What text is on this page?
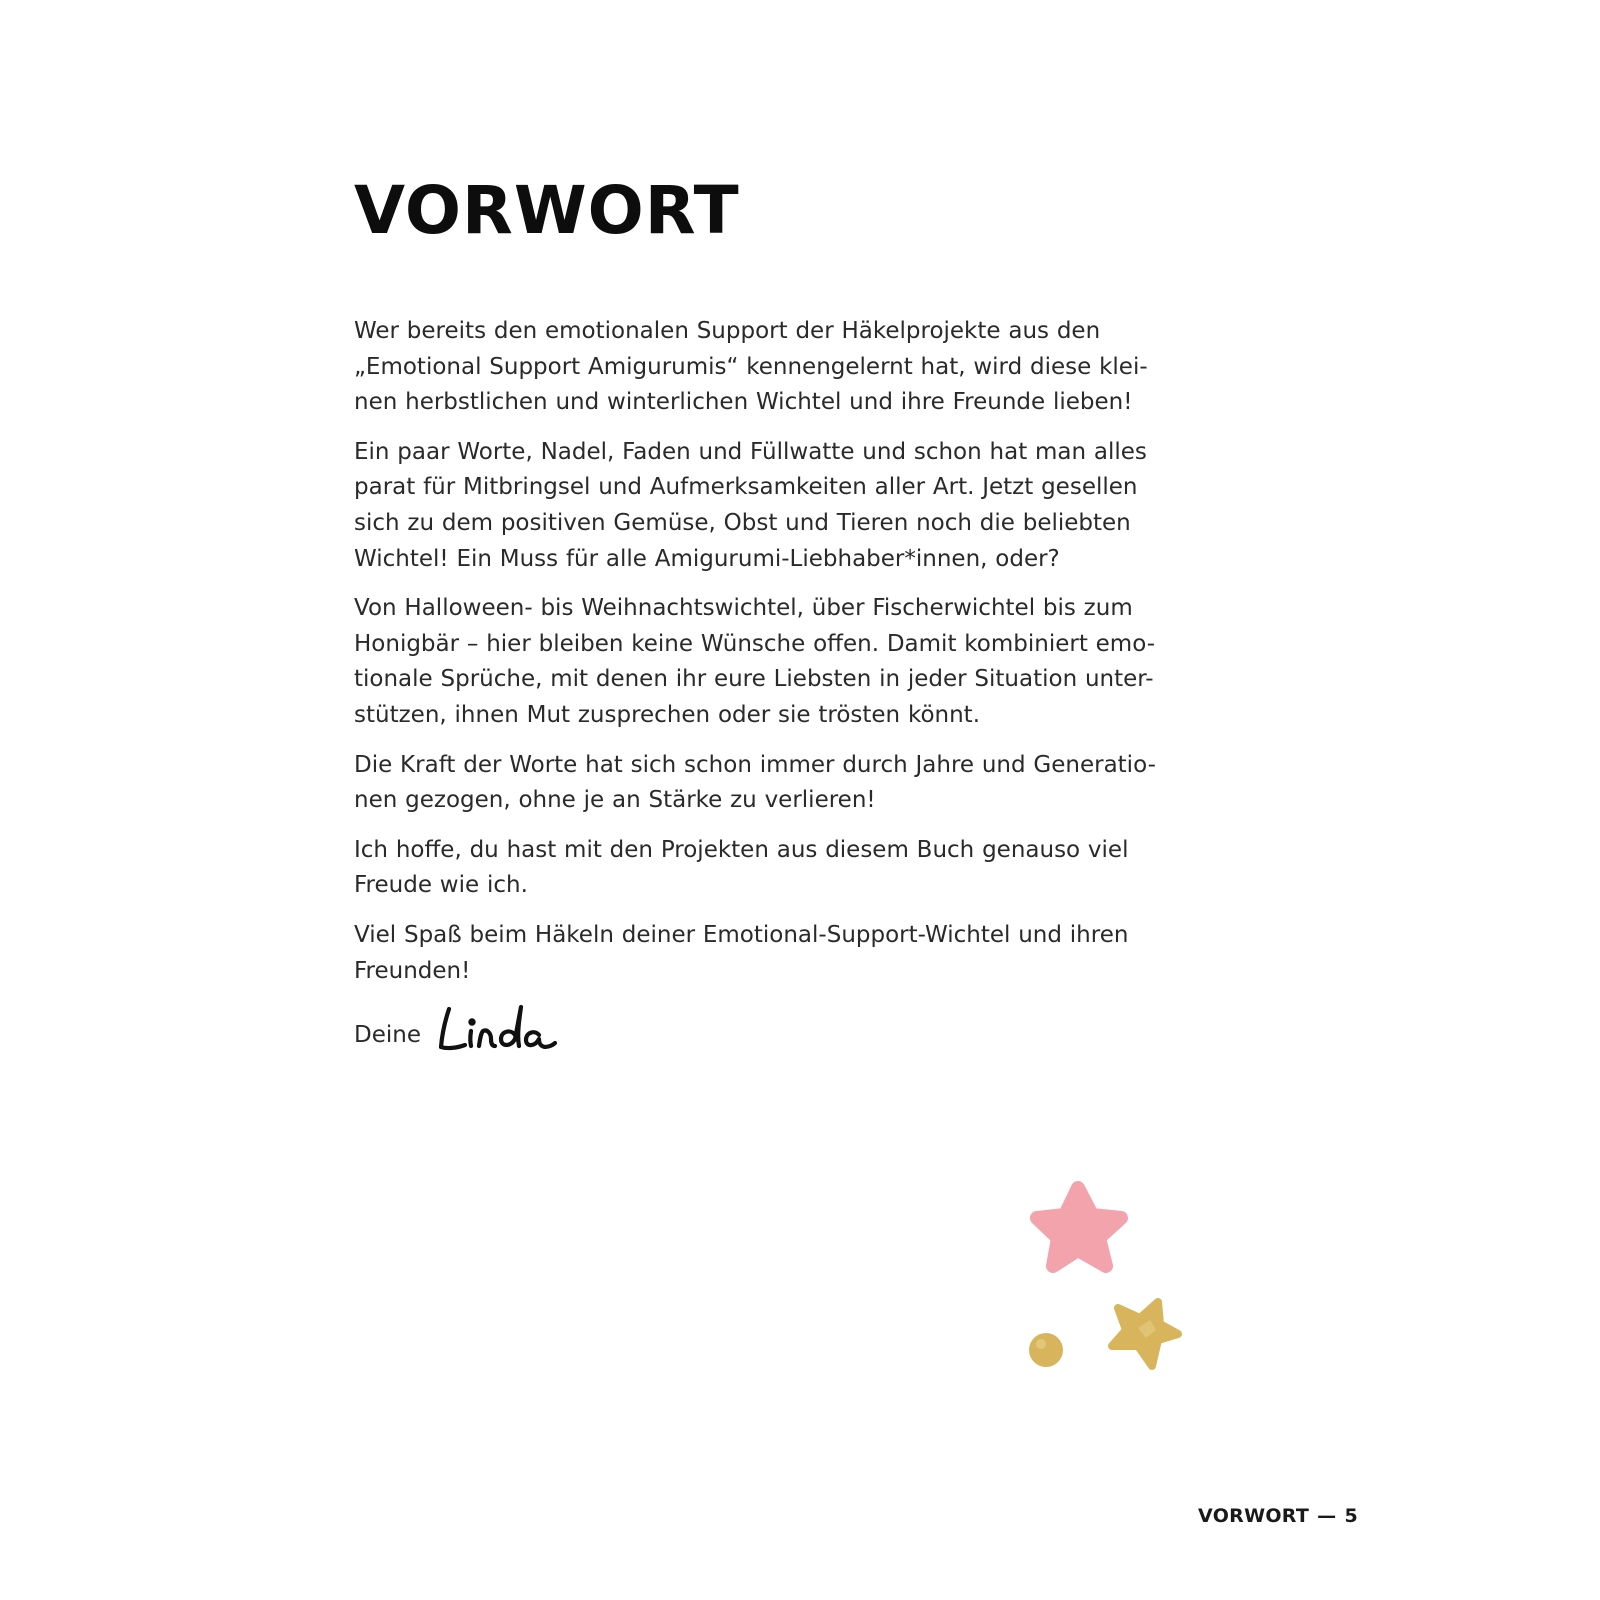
VORWORT

Wer bereits den emotionalen Support der Häkelprojekte aus den
„Emotional Support Amigurumis“ kennengelernt hat, wird diese klei-
nen herbstlichen und winterlichen Wichtel und ihre Freunde lieben!

Ein paar Worte, Nadel, Faden und Füllwatte und schon hat man alles
parat für Mitbringsel und Aufmerksamkeiten aller Art. Jetzt gesellen
sich zu dem positiven Gemüse, Obst und Tieren noch die beliebten
Wichtel! Ein Muss für alle Amigurumi-Liebhaber*innen, oder?

Von Halloween- bis Weihnachtswichtel, über Fischerwichtel bis zum
Honigbär – hier bleiben keine Wünsche offen. Damit kombiniert emo-
tionale Sprüche, mit denen ihr eure Liebsten in jeder Situation unter-
stützen, ihnen Mut zusprechen oder sie trösten könnt.

Die Kraft der Worte hat sich schon immer durch Jahre und Generatio-
nen gezogen, ohne je an Stärke zu verlieren!

Ich hoffe, du hast mit den Projekten aus diesem Buch genauso viel
Freude wie ich.

Viel Spaß beim Häkeln deiner Emotional-Support-Wichtel und ihren
Freunden!

Deine
VORWORT — 5
